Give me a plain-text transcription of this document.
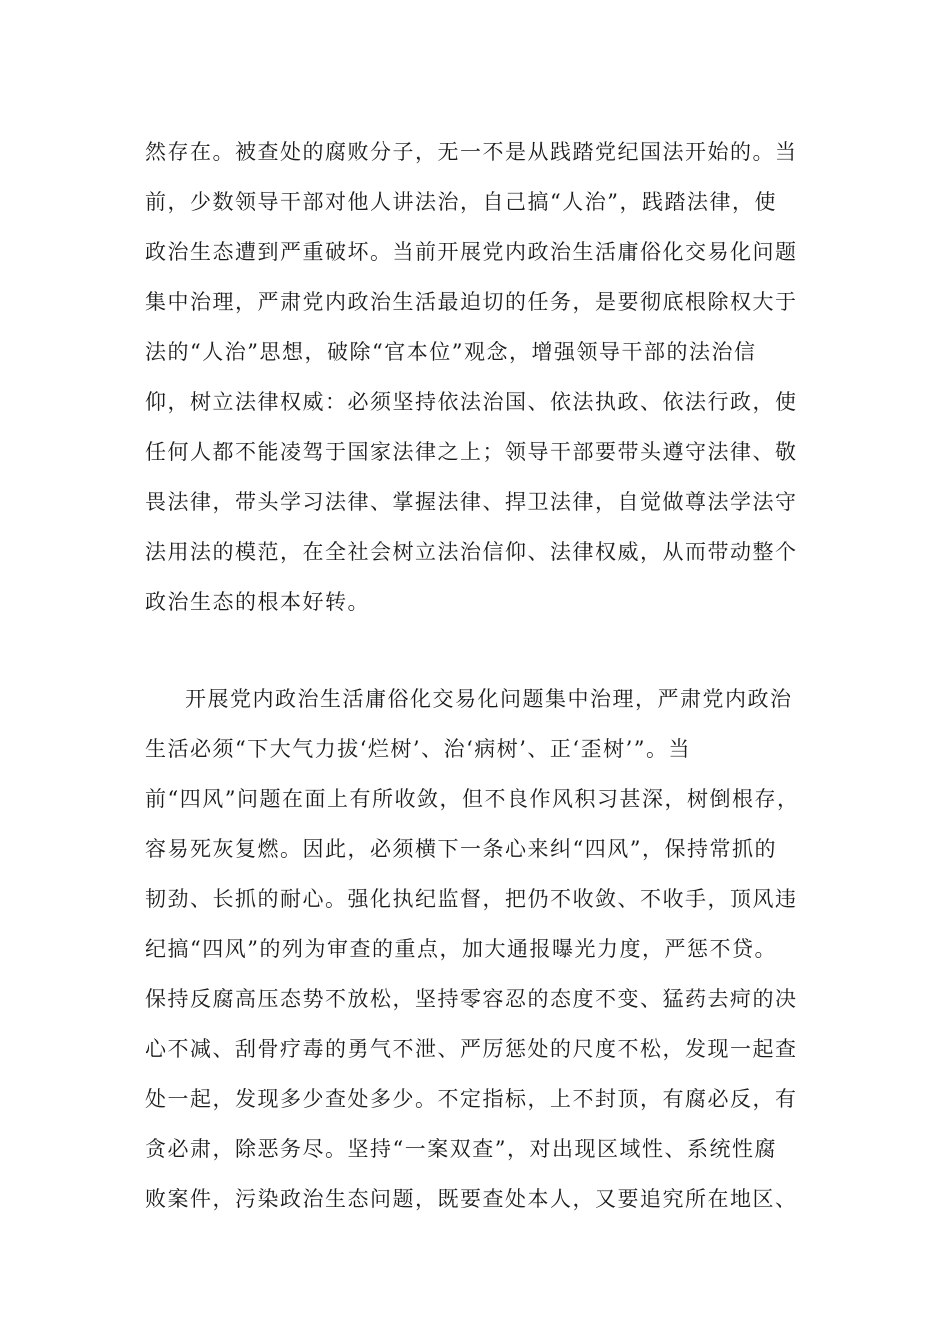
然存在。被查处的腐败分子，无一不是从践踏党纪国法开始的。当
前，少数领导干部对他人讲法治，自己搞“人治”，践踏法律，使
政治生态遭到严重破坏。当前开展党内政治生活庸俗化交易化问题
集中治理，严肃党内政治生活最迫切的任务，是要彻底根除权大于
法的“人治”思想，破除“官本位”观念，增强领导干部的法治信
仰，树立法律权威：必须坚持依法治国、依法执政、依法行政，使
任何人都不能凌驾于国家法律之上；领导干部要带头遵守法律、敬
畏法律，带头学习法律、掌握法律、捍卫法律，自觉做尊法学法守
法用法的模范，在全社会树立法治信仰、法律权威，从而带动整个
政治生态的根本好转。
开展党内政治生活庸俗化交易化问题集中治理，严肃党内政治
生活必须“下大气力拔‘烂树’、治‘病树’、正‘歪树’”。当
前“四风”问题在面上有所收敛，但不良作风积习甚深，树倒根存，
容易死灰复燃。因此，必须横下一条心来纠“四风”，保持常抓的
韧劲、长抓的耐心。强化执纪监督，把仍不收敛、不收手，顶风违
纪搞“四风”的列为审查的重点，加大通报曝光力度，严惩不贷。
保持反腐高压态势不放松，坚持零容忍的态度不变、猛药去疴的决
心不减、刮骨疗毒的勇气不泄、严厉惩处的尺度不松，发现一起查
处一起，发现多少查处多少。不定指标，上不封顶，有腐必反，有
贪必肃，除恶务尽。坚持“一案双查”，对出现区域性、系统性腐
败案件，污染政治生态问题，既要查处本人，又要追究所在地区、
